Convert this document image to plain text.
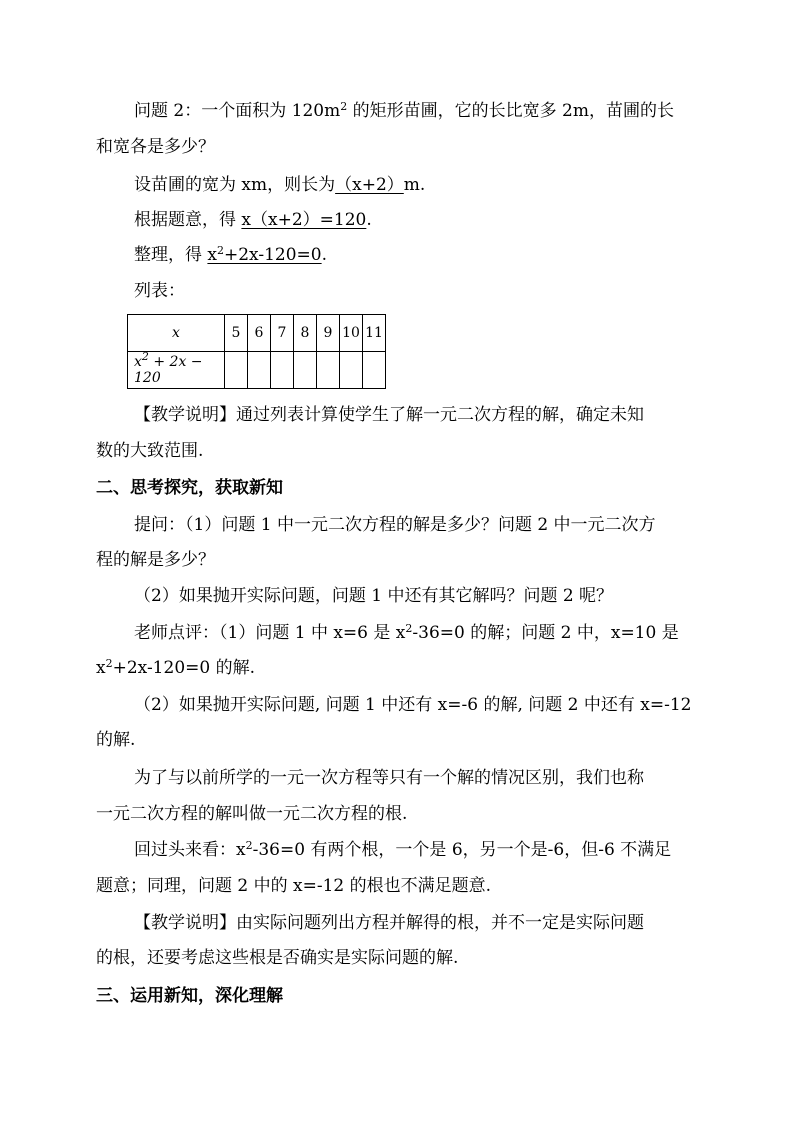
问题 2：一个面积为 $120m^2$ 的矩形苗圃，它的长比宽多 2m，苗圃的长
和宽各是多少？
设苗圃的宽为 xm，则长为（x+2）m.
根据题意，得 x（x+2）=120.
整理，得 $x^2+2x-120=0$.
列表：
x	5	6	7	8	9	10	11
$x^2 + 2x - 120$							
【教学说明】通过列表计算使学生了解一元二次方程的解，确定未知
数的大致范围.
二、思考探究，获取新知
提问：（1）问题 1 中一元二次方程的解是多少？问题 2 中一元二次方
程的解是多少？
（2）如果抛开实际问题，问题 1 中还有其它解吗？问题 2 呢？
老师点评：（1）问题 1 中 x=6 是 $x^2-36=0$ 的解；问题 2 中，x=10 是
$x^2+2x-120=0$ 的解.
（2）如果抛开实际问题, 问题 1 中还有 x=-6 的解, 问题 2 中还有 x=-12
的解.
为了与以前所学的一元一次方程等只有一个解的情况区别，我们也称
一元二次方程的解叫做一元二次方程的根.
回过头来看：$x^2-36=0$ 有两个根，一个是 6，另一个是-6，但-6 不满足
题意；同理，问题 2 中的 x=-12 的根也不满足题意.
【教学说明】由实际问题列出方程并解得的根，并不一定是实际问题
的根，还要考虑这些根是否确实是实际问题的解.
三、运用新知，深化理解
